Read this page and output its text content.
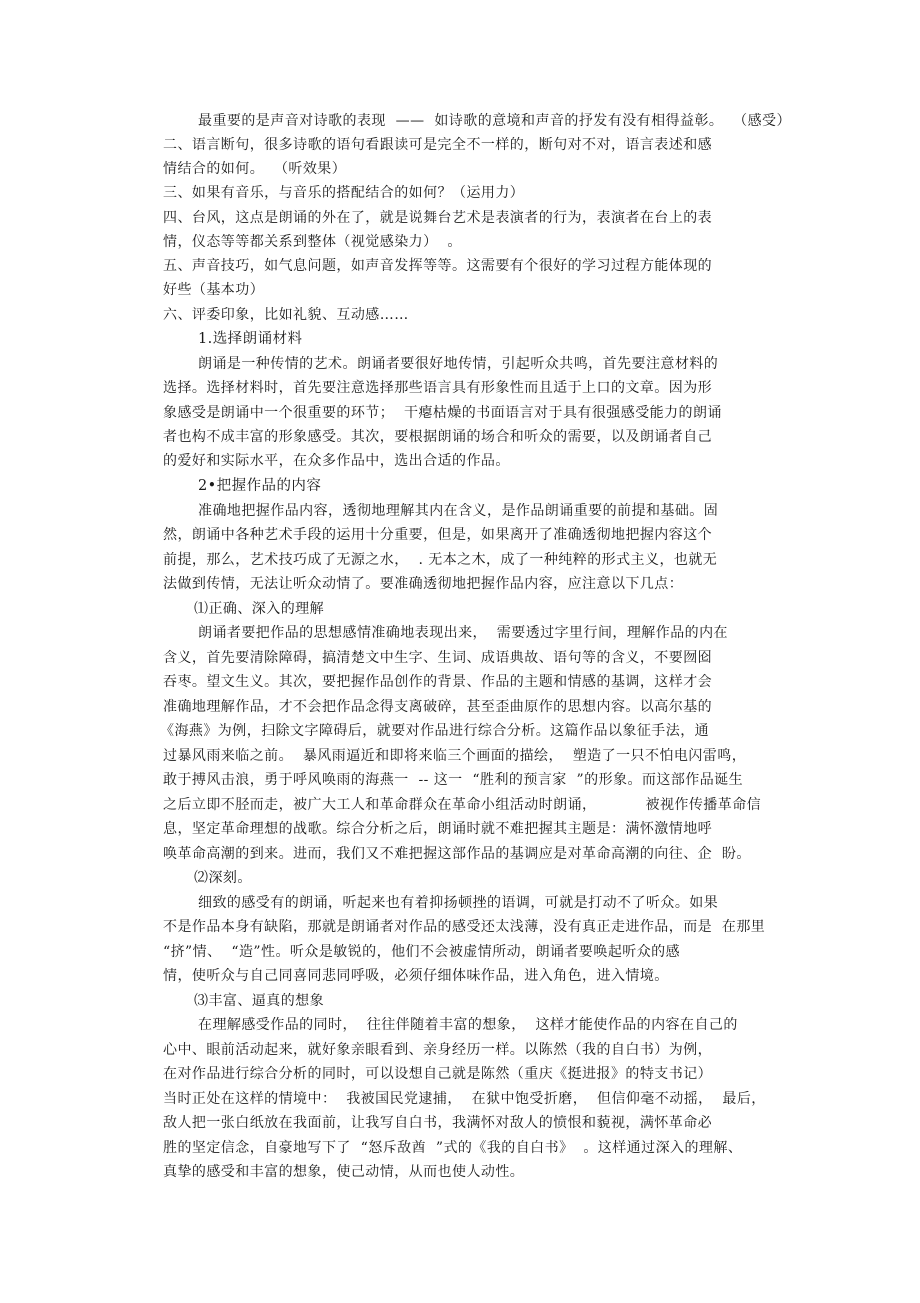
最重要的是声音对诗歌的表现  ——  如诗歌的意境和声音的抒发有没有相得益彰。  （感受）
二、语言断句，很多诗歌的语句看跟读可是完全不一样的，断句对不对，语言表述和感
情结合的如何。  （听效果）
三、如果有音乐，与音乐的搭配结合的如何？（运用力）
四、台风，这点是朗诵的外在了，就是说舞台艺术是表演者的行为，表演者在台上的表
情，仪态等等都关系到整体（视觉感染力）  。
五、声音技巧，如气息问题，如声音发挥等等。这需要有个很好的学习过程方能体现的
好些（基本功）
六、评委印象，比如礼貌、互动感……
1.选择朗诵材料
朗诵是一种传情的艺术。朗诵者要很好地传情，引起听众共鸣，首先要注意材料的
选择。选择材料时，首先要注意选择那些语言具有形象性而且适于上口的文章。因为形
象感受是朗诵中一个很重要的环节；  干瘪枯燥的书面语言对于具有很强感受能力的朗诵
者也构不成丰富的形象感受。其次，要根据朗诵的场合和听众的需要，以及朗诵者自己
的爱好和实际水平，在众多作品中，选出合适的作品。
2•把握作品的内容
准确地把握作品内容，透彻地理解其内在含义，是作品朗诵重要的前提和基础。固
然，朗诵中各种艺术手段的运用十分重要，但是，如果离开了准确透彻地把握内容这个
前提，那么，艺术技巧成了无源之水，  . 无本之木，成了一种纯粹的形式主义，也就无
法做到传情，无法让听众动情了。要准确透彻地把握作品内容，应注意以下几点：
⑴正确、深入的理解
朗诵者要把作品的思想感情准确地表现出来，  需要透过字里行间，理解作品的内在
含义，首先要清除障碍，搞清楚文中生字、生词、成语典故、语句等的含义，不要囫囵
吞枣。望文生义。其次，要把握作品创作的背景、作品的主题和情感的基调，这样才会
准确地理解作品，才不会把作品念得支离破碎，甚至歪曲原作的思想内容。以高尔基的
《海燕》为例，扫除文字障碍后，就要对作品进行综合分析。这篇作品以象征手法，通
过暴风雨来临之前。  暴风雨逼近和即将来临三个画面的描绘，  塑造了一只不怕电闪雷鸣，
敢于搏风击浪，勇于呼风唤雨的海燕一  -- 这一  “胜利的预言家  ”的形象。而这部作品诞生
之后立即不胫而走，被广大工人和革命群众在革命小组活动时朗诵，          被视作传播革命信
息，坚定革命理想的战歌。综合分析之后，朗诵时就不难把握其主题是：满怀激情地呼
唤革命高潮的到来。进而，我们又不难把握这部作品的基调应是对革命高潮的向往、企  盼。
⑵深刻。
细致的感受有的朗诵，听起来也有着抑扬顿挫的语调，可就是打动不了听众。如果
不是作品本身有缺陷，那就是朗诵者对作品的感受还太浅薄，没有真正走进作品，而是  在那里
“挤”情、  “造”性。听众是敏锐的，他们不会被虚情所动，朗诵者要唤起听众的感
情，使听众与自己同喜同悲同呼吸，必须仔细体味作品，进入角色，进入情境。
⑶丰富、逼真的想象
在理解感受作品的同时，  往往伴随着丰富的想象，  这样才能使作品的内容在自己的
心中、眼前活动起来，就好象亲眼看到、亲身经历一样。以陈然（我的自白书）为例，
在对作品进行综合分析的同时，可以设想自己就是陈然（重庆《挺进报》的特支书记）
当时正处在这样的情境中：  我被国民党逮捕，  在狱中饱受折磨，  但信仰毫不动摇，  最后，
敌人把一张白纸放在我面前，让我写自白书，我满怀对敌人的愤恨和藐视，满怀革命必
胜的坚定信念，自豪地写下了  “怒斥敌酋  ”式的《我的自白书》  。这样通过深入的理解、
真挚的感受和丰富的想象，使己动情，从而也使人动性。
